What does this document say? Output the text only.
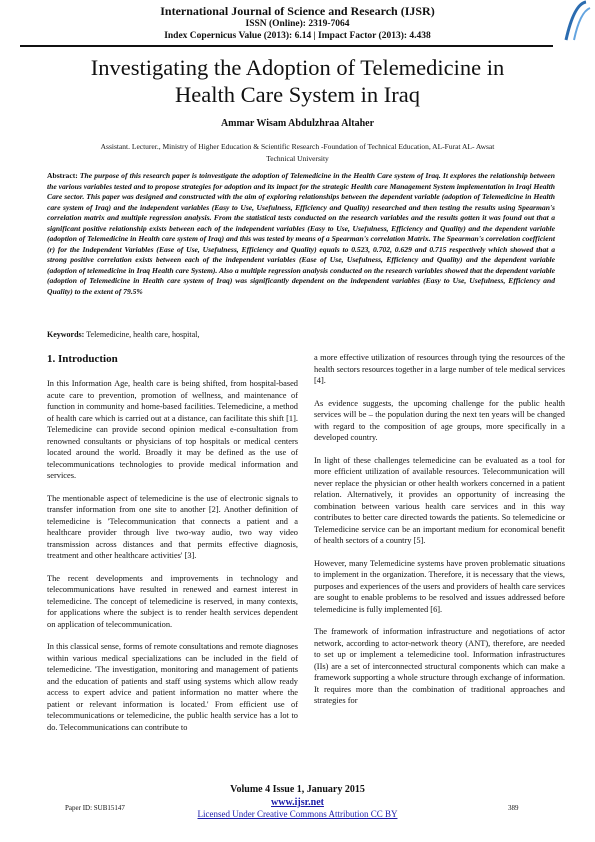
International Journal of Science and Research (IJSR)
ISSN (Online): 2319-7064
Index Copernicus Value (2013): 6.14 | Impact Factor (2013): 4.438
Investigating the Adoption of Telemedicine in
Health Care System in Iraq
Ammar Wisam Abdulzhraa Altaher
Assistant. Lecturer., Ministry of Higher Education & Scientific Research -Foundation of Technical Education, AL-Furat AL- Awsat
Technical University
Abstract: The purpose of this research paper is toinvestigate the adoption of Telemedicine in the Health Care system of Iraq. It explores the relationship between the various variables tested and to propose strategies for adoption and its impact for the strategic Health care Management System implementation in Iraqi Health Care sector. This paper was designed and constructed with the aim of exploring relationships between the dependent variable (adoption of Telemedicine in Health care system of Iraq) and the independent variables (Easy to Use, Usefulness, Efficiency and Quality) researched and then testing the results using Spearman's correlation matrix and multiple regression analysis. From the statistical tests conducted on the research variables and the results gotten it was found out that a significant positive relationship exists between each of the independent variables (Easy to Use, Usefulness, Efficiency and Quality) and the dependent variable (adoption of Telemedicine in Health care system of Iraq) and this was tested by means of a Spearman's correlation Matrix. The Spearman's correlation coefficient (r) for the Independent Variables (Ease of Use, Usefulness, Efficiency and Quality) equals to 0.523, 0.702, 0.629 and 0.715 respectively which showed that a strong positive correlation exists between each of the independent variables (Ease of Use, Usefulness, Efficiency and Quality) and the dependent variable (adoption of telemedicine in Iraq Health care System). Also a multiple regression analysis conducted on the research variables showed that the dependent variable (adoption of Telemedicine in Health care system of Iraq) was significantly dependent on the independent variables (Easy to Use, Usefulness, Efficiency and Quality) to the extent of 79.5%
Keywords: Telemedicine, health care, hospital,
1. Introduction

In this Information Age, health care is being shifted, from hospital-based acute care to prevention, promotion of wellness, and maintenance of function in community and home-based facilities. Telemedicine, a method of health care which is carried out at a distance, can facilitate this shift [1]. Telemedicine can provide second opinion medical e-consultation from renowned consultants or physicians of top hospitals or medical centers located around the world. Broadly it may be defined as the use of telecommunications technologies to provide medical information and services.

The mentionable aspect of telemedicine is the use of electronic signals to transfer information from one site to another [2]. Another definition of telemedicine is 'Telecommunication that connects a patient and a healthcare provider through live two-way audio, two way video transmission across distances and that permits effective diagnosis, treatment and other healthcare activities' [3].

The recent developments and improvements in technology and telecommunications have resulted in renewed and earnest interest in telemedicine. The concept of telemedicine is reserved, in many contexts, for applications where the subject is to render health services dependent on application of telecommunication.

In this classical sense, forms of remote consultations and remote diagnoses within various medical specializations can be included in the field of telemedicine. 'The investigation, monitoring and management of patients and the education of patients and staff using systems which allow ready access to expert advice and patient information no matter where the patient or relevant information is located.' From efficient use of telecommunications or telemedicine, the public health service has a lot to do. Telecommunications can contribute to

a more effective utilization of resources through tying the resources of the health sectors resources together in a large number of tele medical services [4].

As evidence suggests, the upcoming challenge for the public health services will be – the population during the next ten years will be changed with regard to the composition of age groups, more specifically in a developed country.

In light of these challenges telemedicine can be evaluated as a tool for more efficient utilization of available resources. Telecommunication will never replace the physician or other health workers concerned in a patient relation. Alternatively, it provides an opportunity of increasing the combination between various health care services and in this way contributes to better care directed towards the patients. So telemedicine or Telemedicine service can be an important medium for economical benefit of health sectors of a country [5].

However, many Telemedicine systems have proven problematic situations to implement in the organization. Therefore, it is necessary that the views, purposes and experiences of the users and providers of health care services are sought to enable problems to be resolved and issues addressed before telemedicine is fully implemented [6].

The framework of information infrastructure and negotiations of actor network, according to actor-network theory (ANT), therefore, are needed to set up or implement a telemedicine tool. Information infrastructures (IIs) are a set of interconnected structural components which can make a framework supporting a whole structure through exchange of information. It requires more than the combination of traditional approaches and strategies for

Volume 4 Issue 1, January 2015
www.ijsr.net
Licensed Under Creative Commons Attribution CC BY
Paper ID: SUB15147	389
